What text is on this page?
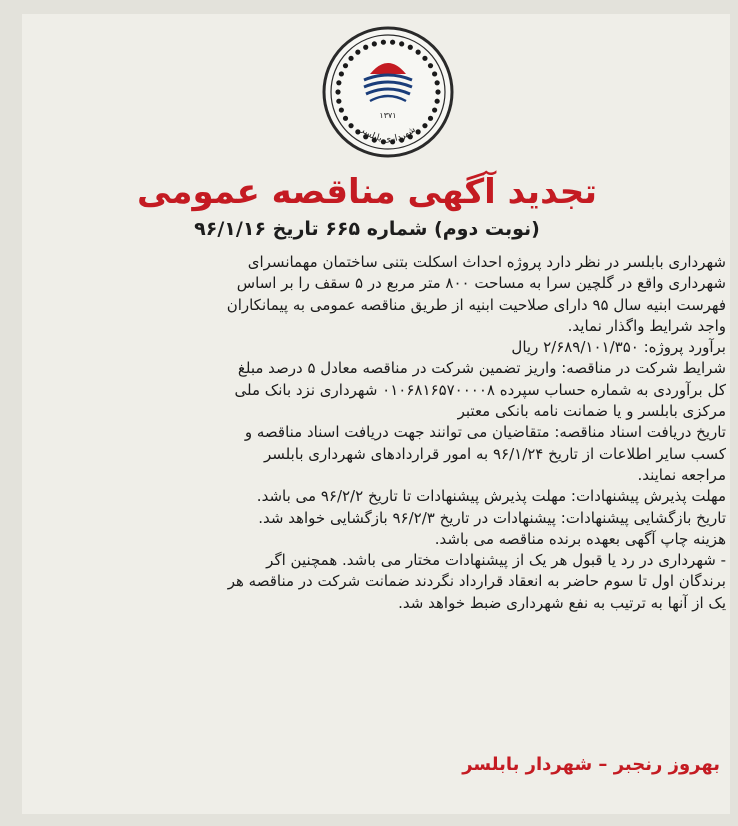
۱۳۷۱
شهرداری بابلسر
تجدید آگهی مناقصه عمومی
(نوبت دوم) شماره ۶۶۵ تاریخ ۹۶/۱/۱۶
شهرداری بابلسر در نظر دارد پروژه احداث اسکلت بتنی ساختمان مهمانسرای
شهرداری واقع در گلچین سرا به مساحت ۸۰۰ متر مربع در ۵ سقف را بر اساس
فهرست ابنیه سال ۹۵ دارای صلاحیت ابنیه از طریق مناقصه عمومی به پیمانکاران
واجد شرایط واگذار نماید.
برآورد پروژه: ۲/۶۸۹/۱۰۱/۳۵۰ ریال
شرایط شرکت در مناقصه: واریز تضمین شرکت در مناقصه معادل ۵ درصد مبلغ
کل برآوردی به شماره حساب سپرده ۰۱۰۶۸۱۶۵۷۰۰۰۰۸ شهرداری نزد بانک ملی
مرکزی بابلسر و یا ضمانت نامه بانکی معتبر
تاریخ دریافت اسناد مناقصه: متقاضیان می توانند جهت دریافت اسناد مناقصه و
کسب سایر اطلاعات از تاریخ ۹۶/۱/۲۴ به امور قراردادهای شهرداری بابلسر
مراجعه نمایند.
مهلت پذیرش پیشنهادات: مهلت پذیرش پیشنهادات تا تاریخ ۹۶/۲/۲ می باشد.
تاریخ بازگشایی پیشنهادات: پیشنهادات در تاریخ ۹۶/۲/۳ بازگشایی خواهد شد.
هزینه چاپ آگهی بعهده برنده مناقصه می باشد.
- شهرداری در رد یا قبول هر یک از پیشنهادات مختار می باشد. همچنین اگر
برندگان اول تا سوم حاضر به انعقاد قرارداد نگردند ضمانت شرکت در مناقصه هر
یک از آنها به ترتیب به نفع شهرداری ضبط خواهد شد.
بهروز رنجبر – شهردار بابلسر
